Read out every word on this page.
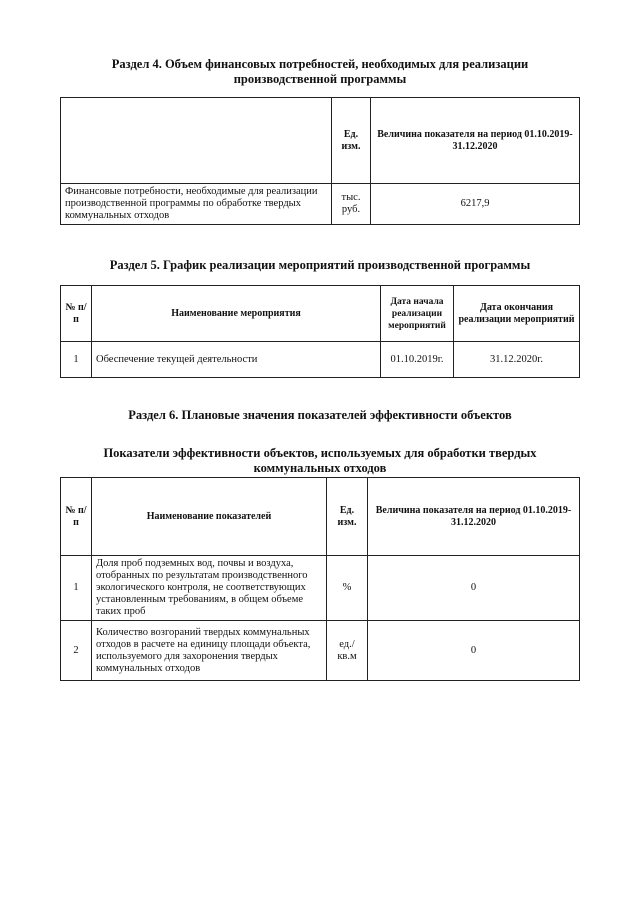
Раздел 4. Объем финансовых потребностей, необходимых для реализации производственной программы
	Ед. изм.	Величина показателя на период 01.10.2019-31.12.2020
Финансовые потребности, необходимые для реализации производственной программы по обработке твердых коммунальных отходов	тыс. руб.	6217,9
Раздел 5. График реализации мероприятий производственной программы
№ п/п	Наименование мероприятия	Дата начала реализации мероприятий	Дата окончания реализации мероприятий
1	Обеспечение текущей деятельности	01.10.2019г.	31.12.2020г.
Раздел 6. Плановые значения показателей эффективности объектов
Показатели эффективности объектов, используемых для обработки твердых коммунальных отходов
№ п/п	Наименование показателей	Ед. изм.	Величина показателя на период 01.10.2019-31.12.2020
1	Доля проб подземных вод, почвы и воздуха, отобранных по результатам производственного экологического контроля, не соответствующих установленным требованиям, в общем объеме таких проб	%	0
2	Количество возгораний твердых коммунальных отходов в расчете на единицу площади объекта, используемого для захоронения твердых коммунальных отходов	ед./кв.м	0
